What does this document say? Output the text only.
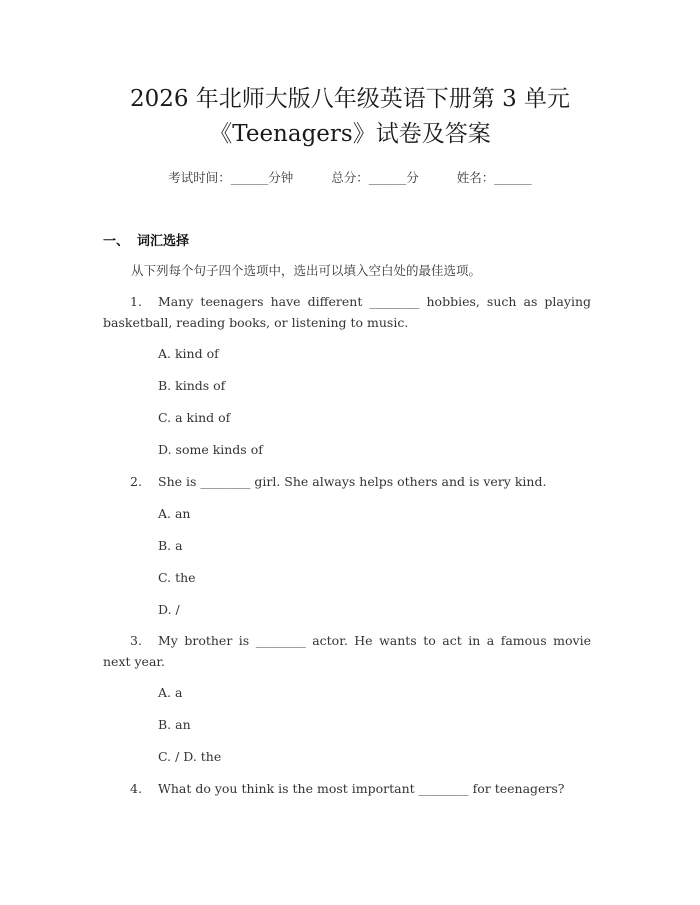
2026 年北师大版八年级英语下册第 3 单元
《Teenagers》试卷及答案
考试时间：______分钟	总分：______分	姓名：______
一、 词汇选择
从下列每个句子四个选项中，选出可以填入空白处的最佳选项。
1. Many teenagers have different ________ hobbies, such as playing basketball, reading books, or listening to music.
A. kind of
B. kinds of
C. a kind of
D. some kinds of
2. She is ________ girl. She always helps others and is very kind.
A. an
B. a
C. the
D. /
3. My brother is ________ actor. He wants to act in a famous movie next year.
A. a
B. an
C. / D. the
4. What do you think is the most important ________ for teenagers?
